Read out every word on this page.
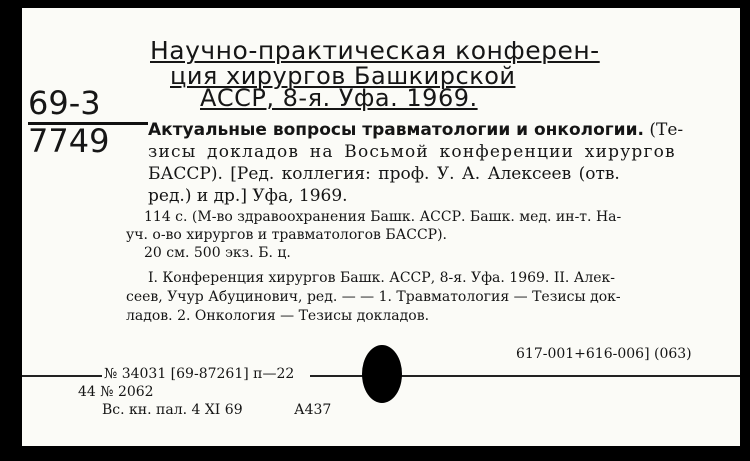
Научно-практическая конферен-
ция хирургов Башкирской
АССР, 8-я. Уфа. 1969.
69-3
7749 Актуальные вопросы травматологии и онкологии. (Те-
зисы докладов на Восьмой конференции хирургов
БАССР). [Ред. коллегия: проф. У. А. Алексеев (отв.
ред.) и др.] Уфа, 1969.
114 с. (М-во здравоохранения Башк. АССР. Башк. мед. ин-т. На-
уч. о-во хирургов и травматологов БАССР).
20 см. 500 экз. Б. ц.
I. Конференция хирургов Башк. АССР, 8-я. Уфа. 1969. II. Алек-
сеев, Учур Абуцинович, ред. — — 1. Травматология — Тезисы док-
ладов. 2. Онкология — Тезисы докладов.
617-001+616-006] (063)
№ 34031 [69-87261] п—22
44 № 2062
Вс. кн. пал. 4 XI 69	А437
